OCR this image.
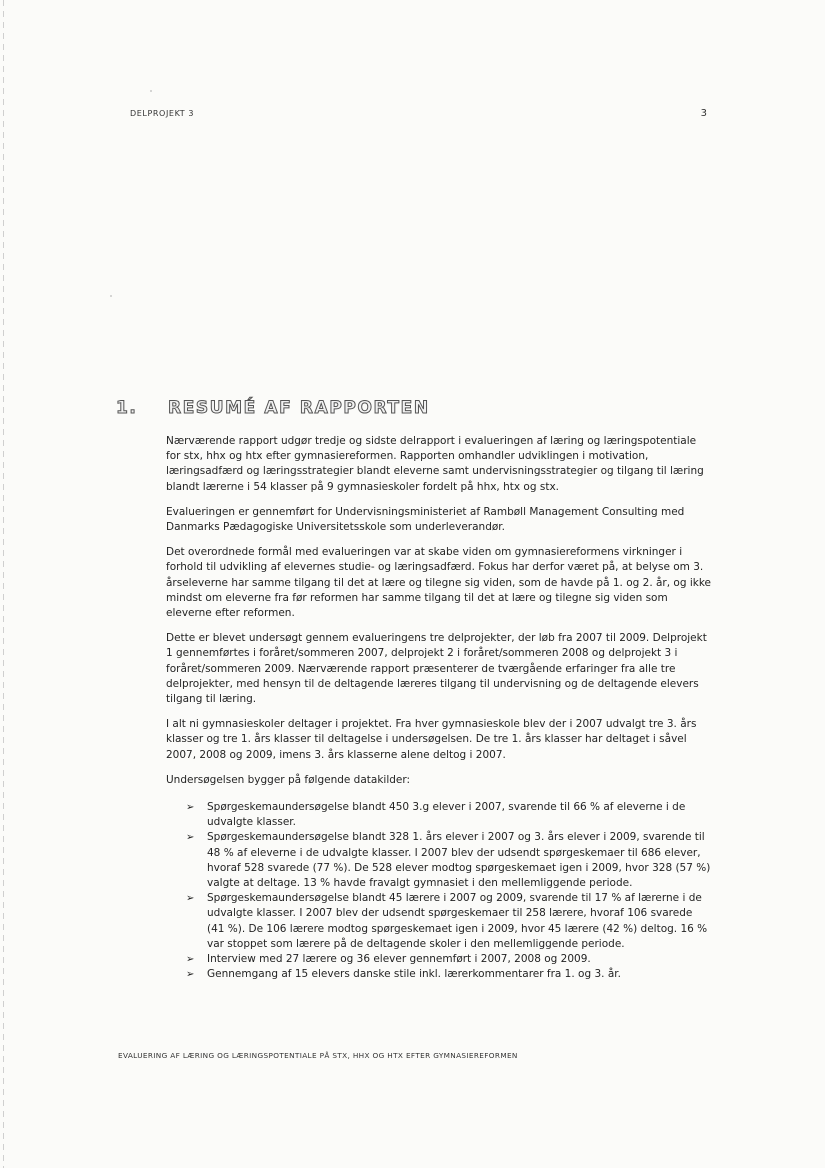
DELPROJEKT 3	3
1. RESUMÉ AF RAPPORTEN

Nærværende rapport udgør tredje og sidste delrapport i evalueringen af læring og læringspotentiale for stx, hhx og htx efter gymnasiereformen. Rapporten omhandler udviklingen i motivation, læringsadfærd og læringsstrategier blandt eleverne samt undervisningsstrategier og tilgang til læring blandt lærerne i 54 klasser på 9 gymnasieskoler fordelt på hhx, htx og stx.

Evalueringen er gennemført for Undervisningsministeriet af Rambøll Management Consulting med Danmarks Pædagogiske Universitetsskole som underleverandør.

Det overordnede formål med evalueringen var at skabe viden om gymnasiereformens virkninger i forhold til udvikling af elevernes studie- og læringsadfærd. Fokus har derfor været på, at belyse om 3. årseleverne har samme tilgang til det at lære og tilegne sig viden, som de havde på 1. og 2. år, og ikke mindst om eleverne fra før reformen har samme tilgang til det at lære og tilegne sig viden som eleverne efter reformen.

Dette er blevet undersøgt gennem evalueringens tre delprojekter, der løb fra 2007 til 2009. Delprojekt 1 gennemførtes i foråret/sommeren 2007, delprojekt 2 i foråret/sommeren 2008 og delprojekt 3 i foråret/sommeren 2009. Nærværende rapport præsenterer de tværgående erfaringer fra alle tre delprojekter, med hensyn til de deltagende læreres tilgang til undervisning og de deltagende elevers tilgang til læring.

I alt ni gymnasieskoler deltager i projektet. Fra hver gymnasieskole blev der i 2007 udvalgt tre 3. års klasser og tre 1. års klasser til deltagelse i undersøgelsen. De tre 1. års klasser har deltaget i såvel 2007, 2008 og 2009, imens 3. års klasserne alene deltog i 2007.

Undersøgelsen bygger på følgende datakilder:

➢ Spørgeskemaundersøgelse blandt 450 3.g elever i 2007, svarende til 66 % af eleverne i de udvalgte klasser.
➢ Spørgeskemaundersøgelse blandt 328 1. års elever i 2007 og 3. års elever i 2009, svarende til 48 % af eleverne i de udvalgte klasser. I 2007 blev der udsendt spørgeskemaer til 686 elever, hvoraf 528 svarede (77 %). De 528 elever modtog spørgeskemaet igen i 2009, hvor 328 (57 %) valgte at deltage. 13 % havde fravalgt gymnasiet i den mellemliggende periode.
➢ Spørgeskemaundersøgelse blandt 45 lærere i 2007 og 2009, svarende til 17 % af lærerne i de udvalgte klasser. I 2007 blev der udsendt spørgeskemaer til 258 lærere, hvoraf 106 svarede (41 %). De 106 lærere modtog spørgeskemaet igen i 2009, hvor 45 lærere (42 %) deltog. 16 % var stoppet som lærere på de deltagende skoler i den mellemliggende periode.
➢ Interview med 27 lærere og 36 elever gennemført i 2007, 2008 og 2009.
➢ Gennemgang af 15 elevers danske stile inkl. lærerkommentarer fra 1. og 3. år.
EVALUERING AF LÆRING OG LÆRINGSPOTENTIALE PÅ STX, HHX OG HTX EFTER GYMNASIEREFORMEN
